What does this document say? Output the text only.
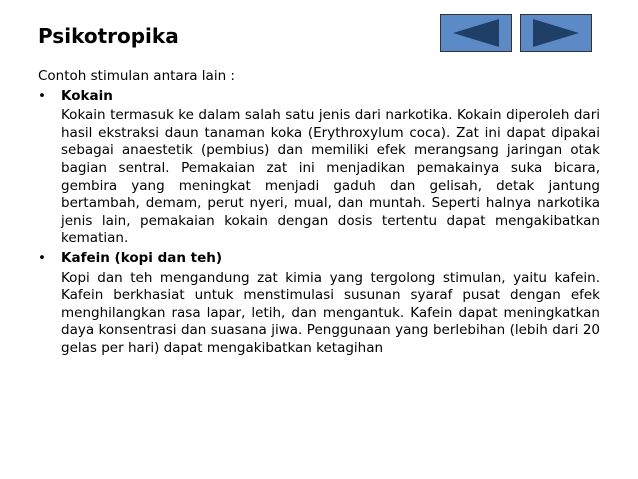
Psikotropika
Contoh stimulan antara lain :
• Kokain
Kokain termasuk ke dalam salah satu jenis dari narkotika. Kokain diperoleh dari hasil ekstraksi daun tanaman koka (Erythroxylum coca). Zat ini dapat dipakai sebagai anaestetik (pembius) dan memiliki efek merangsang jaringan otak bagian sentral. Pemakaian zat ini menjadikan pemakainya suka bicara, gembira yang meningkat menjadi gaduh dan gelisah, detak jantung bertambah, demam, perut nyeri, mual, dan muntah. Seperti halnya narkotika jenis lain, pemakaian kokain dengan dosis tertentu dapat mengakibatkan kematian.
• Kafein (kopi dan teh)
Kopi dan teh mengandung zat kimia yang tergolong stimulan, yaitu kafein. Kafein berkhasiat untuk menstimulasi susunan syaraf pusat dengan efek menghilangkan rasa lapar, letih, dan mengantuk. Kafein dapat meningkatkan daya konsentrasi dan suasana jiwa. Penggunaan yang berlebihan (lebih dari 20 gelas per hari) dapat mengakibatkan ketagihan
